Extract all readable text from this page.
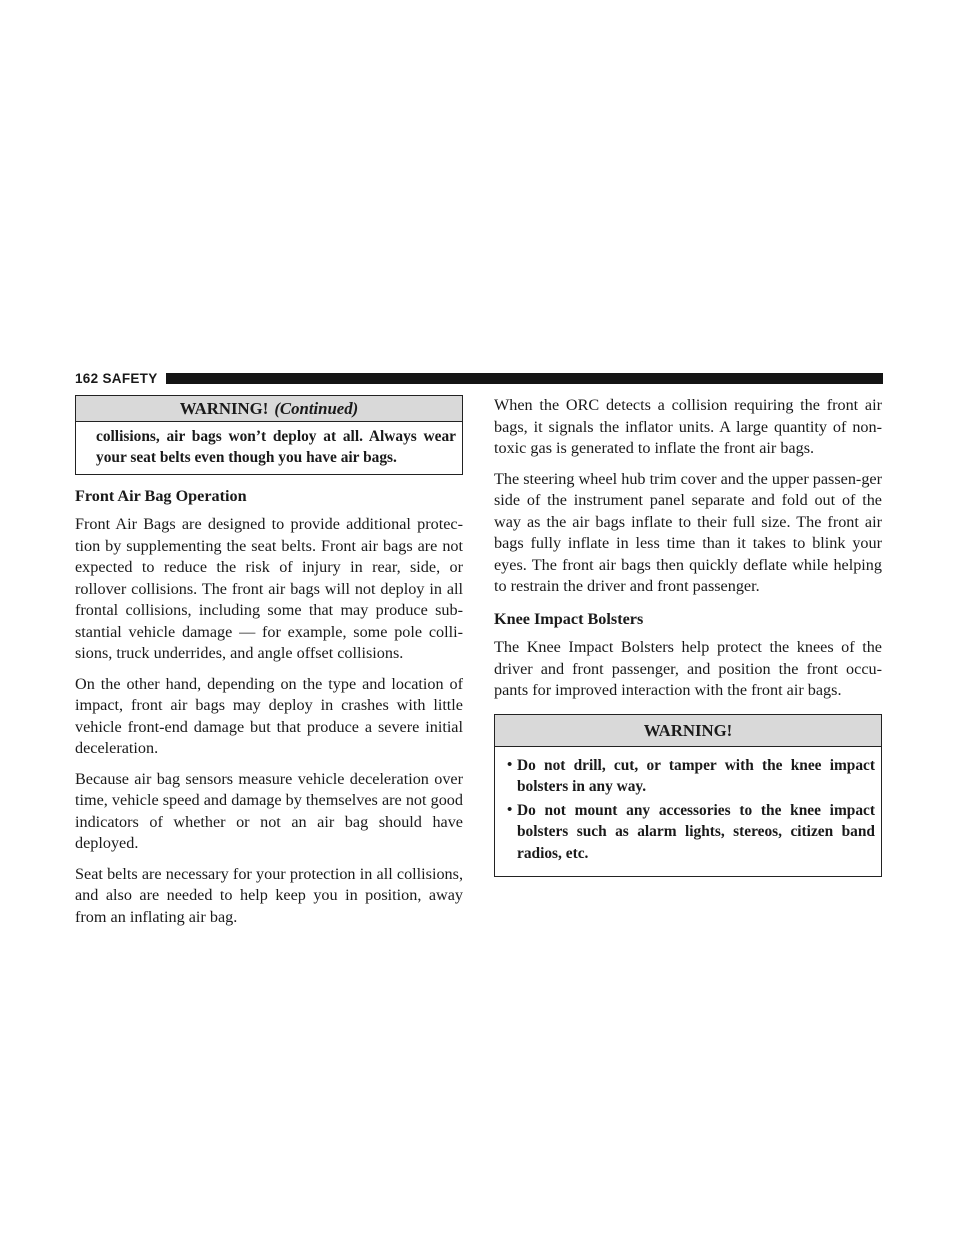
162 SAFETY
WARNING! (Continued)
collisions, air bags won’t deploy at all. Always wear your seat belts even though you have air bags.
Front Air Bag Operation

Front Air Bags are designed to provide additional protec-tion by supplementing the seat belts. Front air bags are not expected to reduce the risk of injury in rear, side, or rollover collisions. The front air bags will not deploy in all frontal collisions, including some that may produce sub-stantial vehicle damage — for example, some pole colli-sions, truck underrides, and angle offset collisions.

On the other hand, depending on the type and location of impact, front air bags may deploy in crashes with little vehicle front-end damage but that produce a severe initial deceleration.

Because air bag sensors measure vehicle deceleration over time, vehicle speed and damage by themselves are not good indicators of whether or not an air bag should have deployed.

Seat belts are necessary for your protection in all collisions, and also are needed to help keep you in position, away from an inflating air bag.

When the ORC detects a collision requiring the front air bags, it signals the inflator units. A large quantity of non-toxic gas is generated to inflate the front air bags.

The steering wheel hub trim cover and the upper passen-ger side of the instrument panel separate and fold out of the way as the air bags inflate to their full size. The front air bags fully inflate in less time than it takes to blink your eyes. The front air bags then quickly deflate while helping to restrain the driver and front passenger.

Knee Impact Bolsters

The Knee Impact Bolsters help protect the knees of the driver and front passenger, and position the front occu-pants for improved interaction with the front air bags.

WARNING!
• Do not drill, cut, or tamper with the knee impact bolsters in any way.
• Do not mount any accessories to the knee impact bolsters such as alarm lights, stereos, citizen band radios, etc.
